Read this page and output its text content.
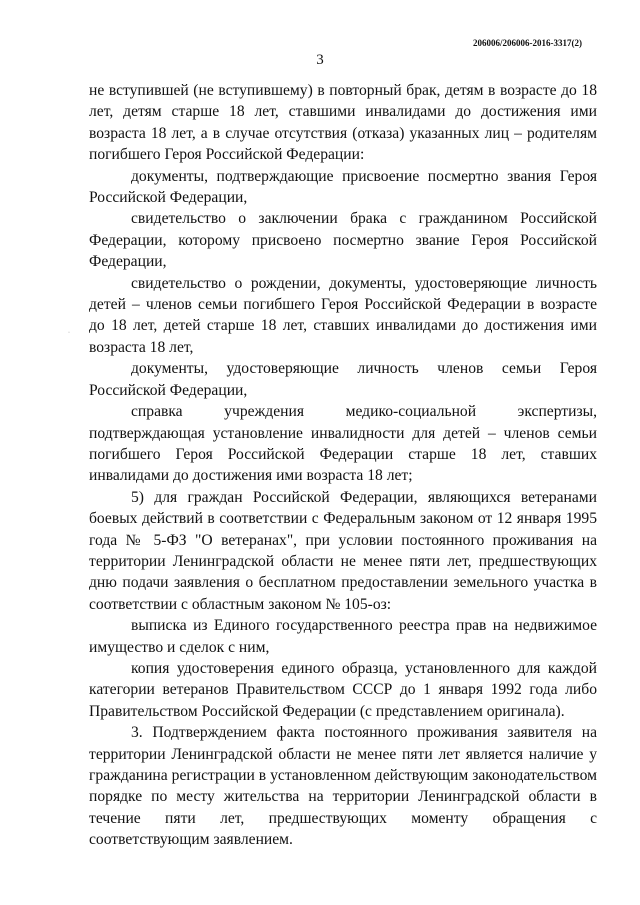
206006/206006-2016-3317(2)
3

не вступившей (не вступившему) в повторный брак, детям в возрасте до 18 лет, детям старше 18 лет, ставшими инвалидами до достижения ими возраста 18 лет, а в случае отсутствия (отказа) указанных лиц – родителям погибшего Героя Российской Федерации:

документы, подтверждающие присвоение посмертно звания Героя Российской Федерации,

свидетельство о заключении брака с гражданином Российской Федерации, которому присвоено посмертно звание Героя Российской Федерации,

свидетельство о рождении, документы, удостоверяющие личность детей – членов семьи погибшего Героя Российской Федерации в возрасте до 18 лет, детей старше 18 лет, ставших инвалидами до достижения ими возраста 18 лет,

документы, удостоверяющие личность членов семьи Героя Российской Федерации,

справка учреждения медико-социальной экспертизы, подтверждающая установление инвалидности для детей – членов семьи погибшего Героя Российской Федерации старше 18 лет, ставших инвалидами до достижения ими возраста 18 лет;

5) для граждан Российской Федерации, являющихся ветеранами боевых действий в соответствии с Федеральным законом от 12 января 1995 года № 5-ФЗ "О ветеранах", при условии постоянного проживания на территории Ленинградской области не менее пяти лет, предшествующих дню подачи заявления о бесплатном предоставлении земельного участка в соответствии с областным законом № 105-оз:

выписка из Единого государственного реестра прав на недвижимое имущество и сделок с ним,

копия удостоверения единого образца, установленного для каждой категории ветеранов Правительством СССР до 1 января 1992 года либо Правительством Российской Федерации (с представлением оригинала).

3. Подтверждением факта постоянного проживания заявителя на территории Ленинградской области не менее пяти лет является наличие у гражданина регистрации в установленном действующим законодательством порядке по месту жительства на территории Ленинградской области в течение пяти лет, предшествующих моменту обращения с соответствующим заявлением.

·
